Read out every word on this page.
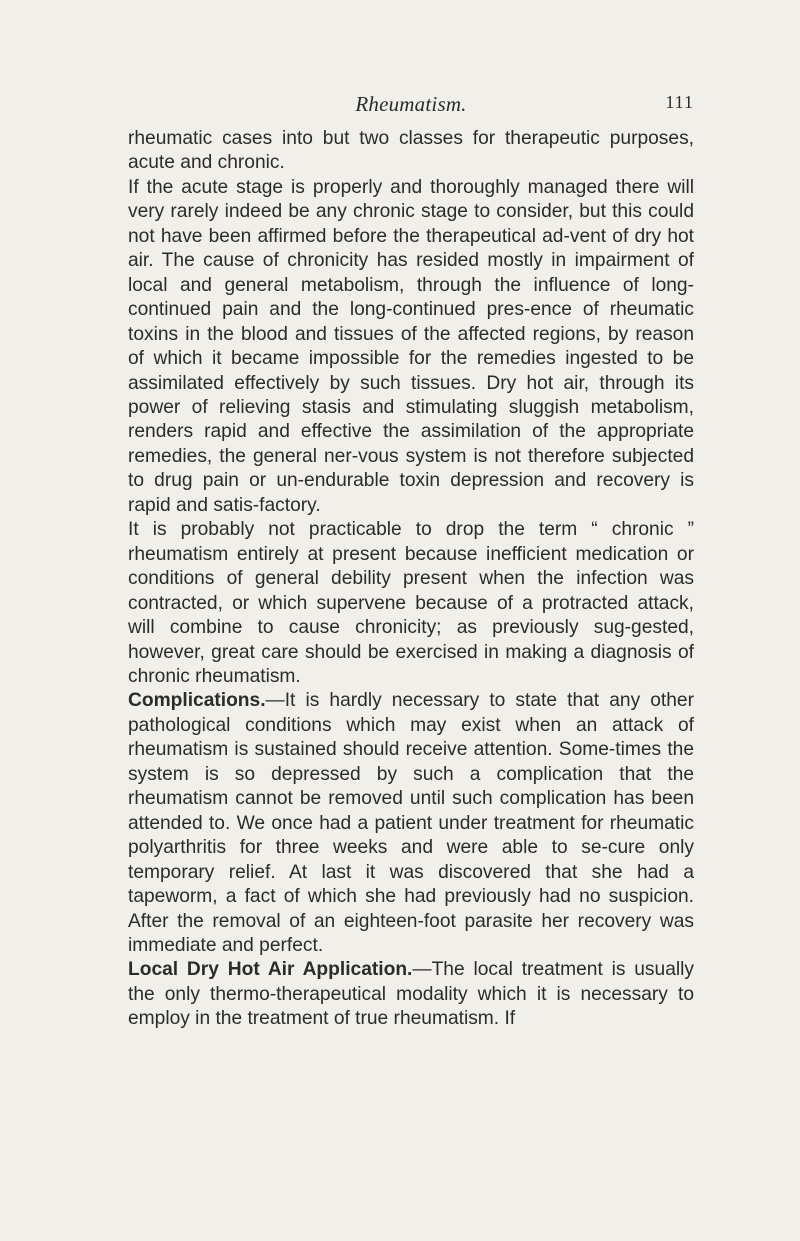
Rheumatism.	111

rheumatic cases into but two classes for therapeutic purposes, acute and chronic.

If the acute stage is properly and thoroughly managed there will very rarely indeed be any chronic stage to consider, but this could not have been affirmed before the therapeutical ad-vent of dry hot air. The cause of chronicity has resided mostly in impairment of local and general metabolism, through the influence of long-continued pain and the long-continued pres-ence of rheumatic toxins in the blood and tissues of the affected regions, by reason of which it became impossible for the remedies ingested to be assimilated effectively by such tissues. Dry hot air, through its power of relieving stasis and stimulating sluggish metabolism, renders rapid and effective the assimilation of the appropriate remedies, the general ner-vous system is not therefore subjected to drug pain or un-endurable toxin depression and recovery is rapid and satis-factory.

It is probably not practicable to drop the term “ chronic ” rheumatism entirely at present because inefficient medication or conditions of general debility present when the infection was contracted, or which supervene because of a protracted attack, will combine to cause chronicity; as previously sug-gested, however, great care should be exercised in making a diagnosis of chronic rheumatism.

Complications.—It is hardly necessary to state that any other pathological conditions which may exist when an attack of rheumatism is sustained should receive attention. Some-times the system is so depressed by such a complication that the rheumatism cannot be removed until such complication has been attended to. We once had a patient under treatment for rheumatic polyarthritis for three weeks and were able to se-cure only temporary relief. At last it was discovered that she had a tapeworm, a fact of which she had previously had no suspicion. After the removal of an eighteen-foot parasite her recovery was immediate and perfect.

Local Dry Hot Air Application.—The local treatment is usually the only thermo-therapeutical modality which it is necessary to employ in the treatment of true rheumatism. If
